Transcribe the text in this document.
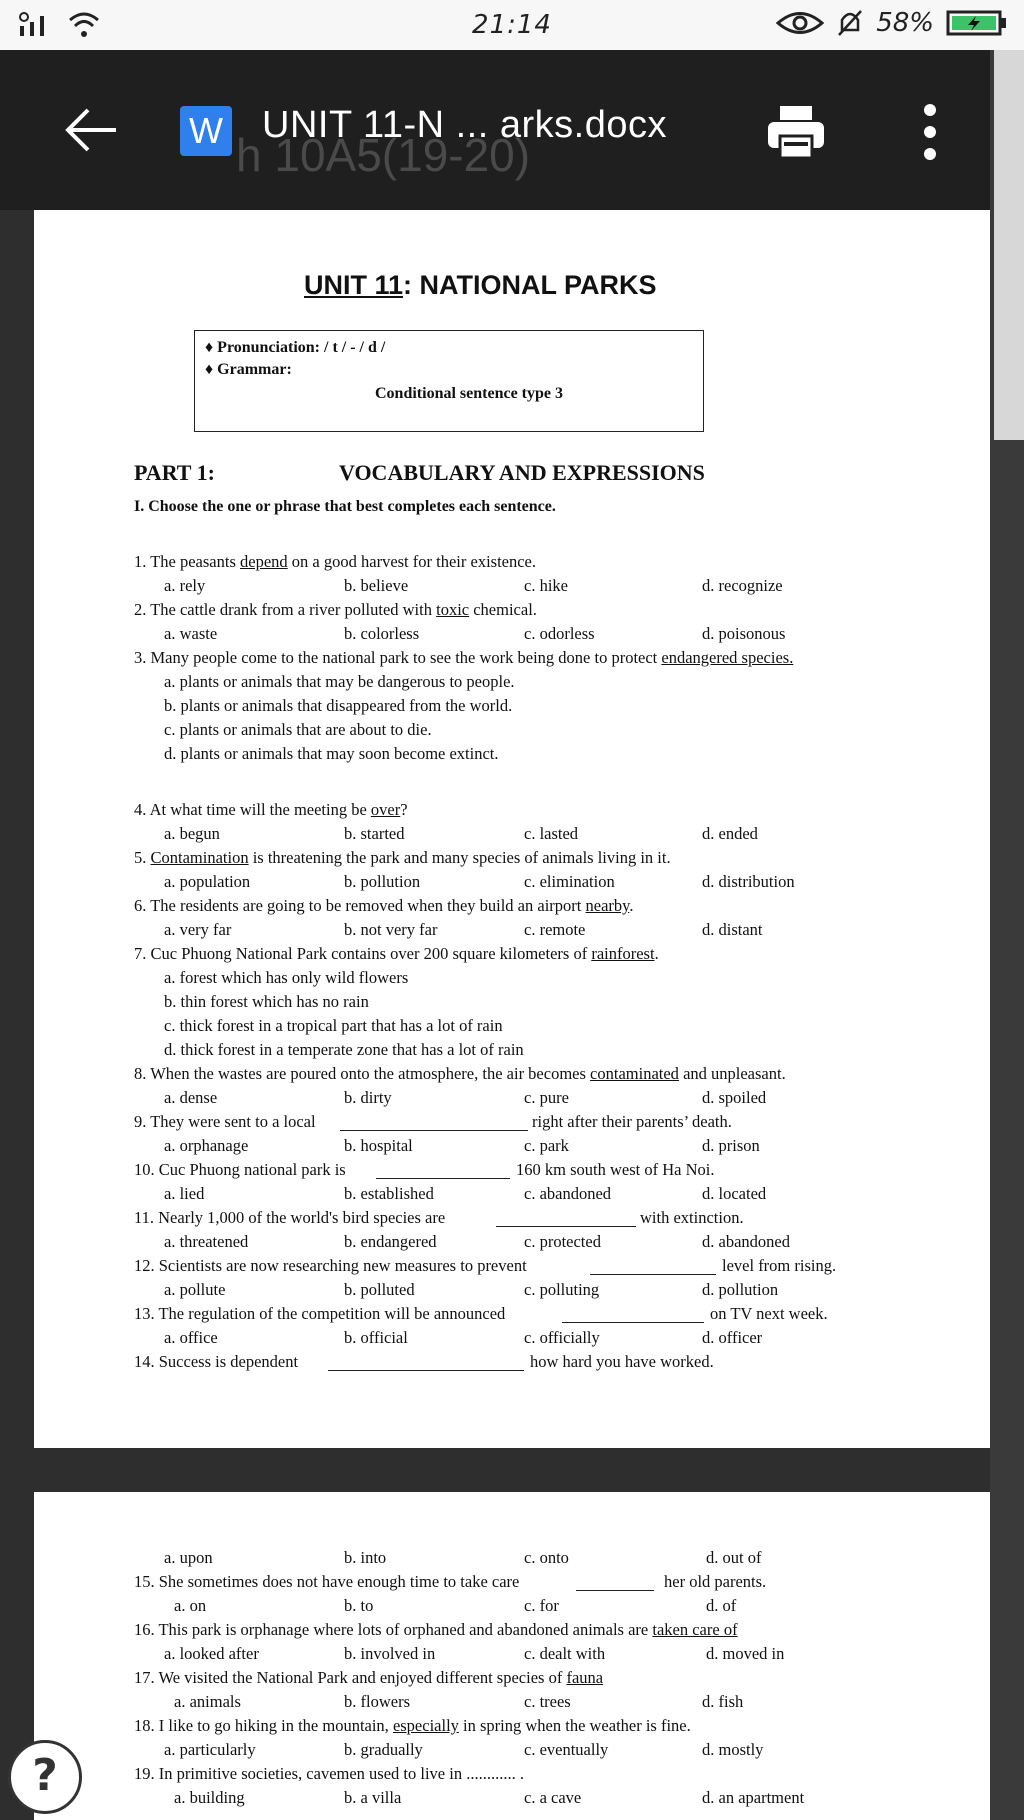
21:14	58%
h 10A5(19-20)
W UNIT 11-N ... arks.docx
UNIT 11: NATIONAL PARKS
♦ Pronunciation: / t / - / d /
♦ Grammar:
Conditional sentence type 3
PART 1:	VOCABULARY AND EXPRESSIONS
I. Choose the one or phrase that best completes each sentence.
1. The peasants depend on a good harvest for their existence.
a. rely	b. believe	c. hike	d. recognize
2. The cattle drank from a river polluted with toxic chemical.
a. waste	b. colorless	c. odorless	d. poisonous
3. Many people come to the national park to see the work being done to protect endangered species.
a. plants or animals that may be dangerous to people.
b. plants or animals that disappeared from the world.
c. plants or animals that are about to die.
d. plants or animals that may soon become extinct.
4. At what time will the meeting be over?
a. begun	b. started	c. lasted	d. ended
5. Contamination is threatening the park and many species of animals living in it.
a. population	b. pollution	c. elimination	d. distribution
6. The residents are going to be removed when they build an airport nearby.
a. very far	b. not very far	c. remote	d. distant
7. Cuc Phuong National Park contains over 200 square kilometers of rainforest.
a. forest which has only wild flowers
b. thin forest which has no rain
c. thick forest in a tropical part that has a lot of rain
d. thick forest in a temperate zone that has a lot of rain
8. When the wastes are poured onto the atmosphere, the air becomes contaminated and unpleasant.
a. dense	b. dirty	c. pure	d. spoiled
9. They were sent to a local	right after their parents’ death.
a. orphanage	b. hospital	c. park	d. prison
10. Cuc Phuong national park is	160 km south west of Ha Noi.
a. lied	b. established	c. abandoned	d. located
11. Nearly 1,000 of the world's bird species are	with extinction.
a. threatened	b. endangered	c. protected	d. abandoned
12. Scientists are now researching new measures to prevent	level from rising.
a. pollute	b. polluted	c. polluting	d. pollution
13. The regulation of the competition will be announced	on TV next week.
a. office	b. official	c. officially	d. officer
14. Success is dependent	how hard you have worked.
a. upon	b. into	c. onto	d. out of
15. She sometimes does not have enough time to take care	her old parents.
a. on	b. to	c. for	d. of
16. This park is orphanage where lots of orphaned and abandoned animals are taken care of
a. looked after	b. involved in	c. dealt with	d. moved in
17. We visited the National Park and enjoyed different species of fauna
a. animals	b. flowers	c. trees	d. fish
18. I like to go hiking in the mountain, especially in spring when the weather is fine.
a. particularly	b. gradually	c. eventually	d. mostly
19. In primitive societies, cavemen used to live in ............ .
a. building	b. a villa	c. a cave	d. an apartment
?
